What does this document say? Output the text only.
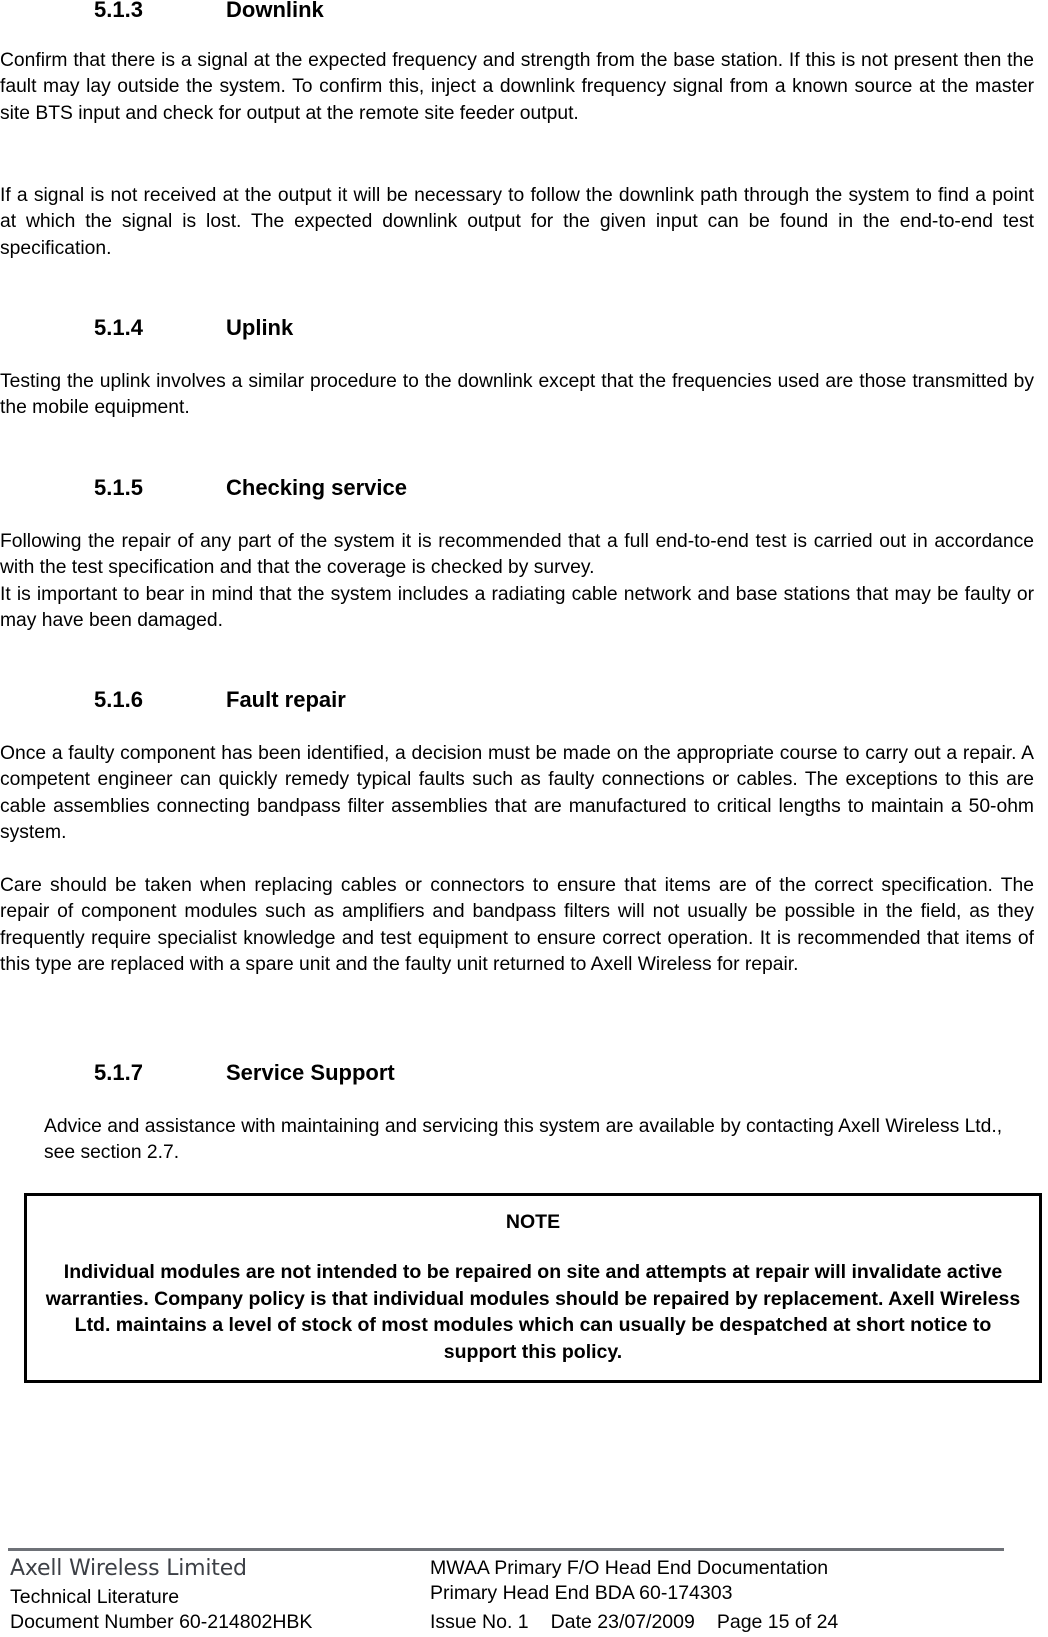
5.1.3	Downlink
Confirm that there is a signal at the expected frequency and strength from the base station. If this is not present then the fault may lay outside the system. To confirm this, inject a downlink frequency signal from a known source at the master site BTS input and check for output at the remote site feeder output.
If a signal is not received at the output it will be necessary to follow the downlink path through the system to find a point at which the signal is lost. The expected downlink output for the given input can be found in the end-to-end test specification.
5.1.4	Uplink
Testing the uplink involves a similar procedure to the downlink except that the frequencies used are those transmitted by the mobile equipment.
5.1.5	Checking service
Following the repair of any part of the system it is recommended that a full end-to-end test is carried out in accordance with the test specification and that the coverage is checked by survey.
It is important to bear in mind that the system includes a radiating cable network and base stations that may be faulty or may have been damaged.
5.1.6	Fault repair
Once a faulty component has been identified, a decision must be made on the appropriate course to carry out a repair. A competent engineer can quickly remedy typical faults such as faulty connections or cables. The exceptions to this are cable assemblies connecting bandpass filter assemblies that are manufactured to critical lengths to maintain a 50-ohm system.
Care should be taken when replacing cables or connectors to ensure that items are of the correct specification. The repair of component modules such as amplifiers and bandpass filters will not usually be possible in the field, as they frequently require specialist knowledge and test equipment to ensure correct operation. It is recommended that items of this type are replaced with a spare unit and the faulty unit returned to Axell Wireless for repair.
5.1.7	Service Support
Advice and assistance with maintaining and servicing this system are available by contacting Axell Wireless Ltd., see section 2.7.
NOTE
Individual modules are not intended to be repaired on site and attempts at repair will invalidate active warranties. Company policy is that individual modules should be repaired by replacement. Axell Wireless Ltd. maintains a level of stock of most modules which can usually be despatched at short notice to support this policy.
Axell Wireless Limited
Technical Literature
Document Number 60-214802HBK
MWAA Primary F/O Head End Documentation
Primary Head End BDA 60-174303
Issue No. 1 Date 23/07/2009 Page 15 of 24
